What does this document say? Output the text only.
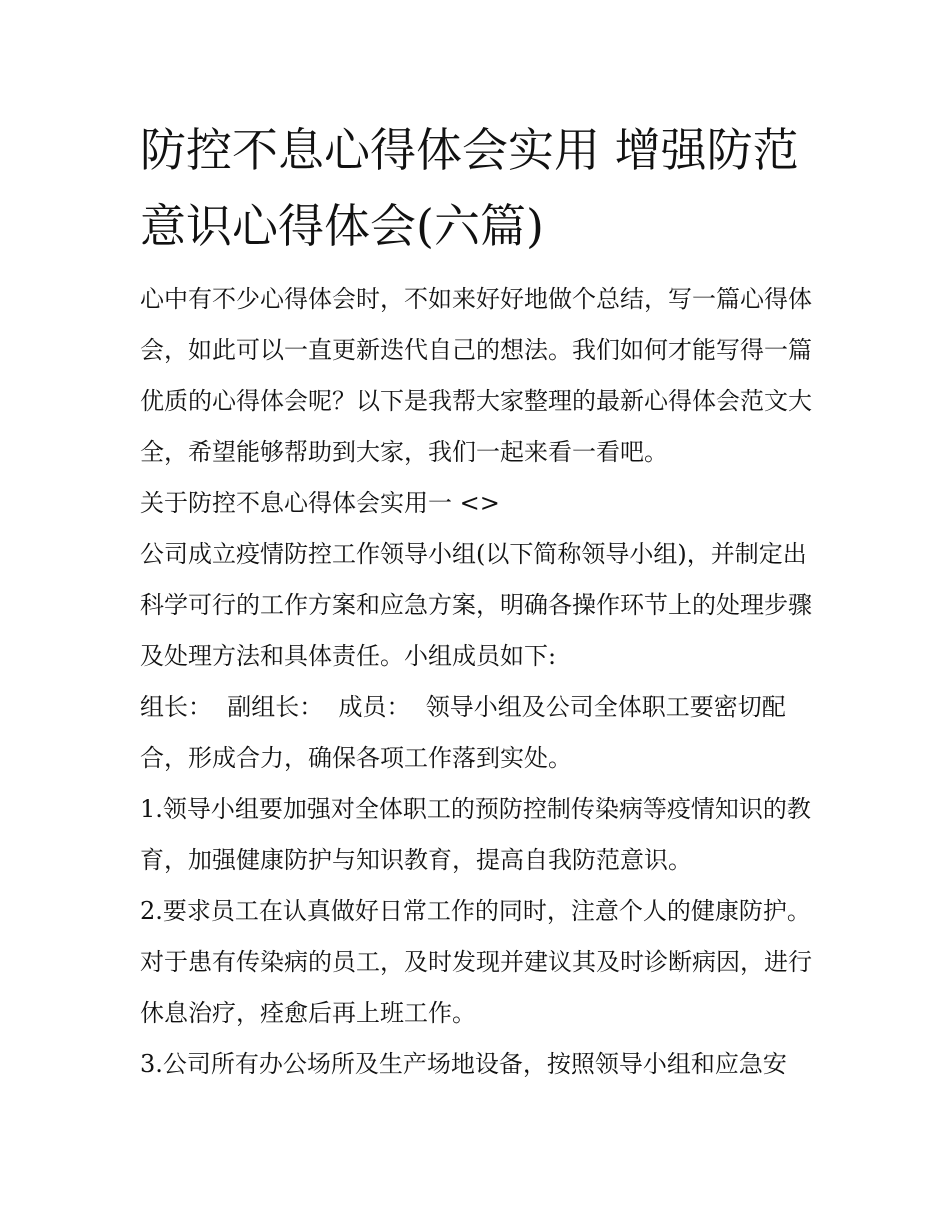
防控不息心得体会实用 增强防范意识心得体会(六篇)

心中有不少心得体会时，不如来好好地做个总结，写一篇心得体会，如此可以一直更新迭代自己的想法。我们如何才能写得一篇优质的心得体会呢？以下是我帮大家整理的最新心得体会范文大全，希望能够帮助到大家，我们一起来看一看吧。

关于防控不息心得体会实用一 <>

公司成立疫情防控工作领导小组(以下简称领导小组)，并制定出科学可行的工作方案和应急方案，明确各操作环节上的处理步骤及处理方法和具体责任。小组成员如下:

组长：  副组长：  成员：  领导小组及公司全体职工要密切配合，形成合力，确保各项工作落到实处。

1.领导小组要加强对全体职工的预防控制传染病等疫情知识的教育，加强健康防护与知识教育，提高自我防范意识。

2.要求员工在认真做好日常工作的同时，注意个人的健康防护。对于患有传染病的员工，及时发现并建议其及时诊断病因，进行休息治疗，痊愈后再上班工作。

3.公司所有办公场所及生产场地设备，按照领导小组和应急安
